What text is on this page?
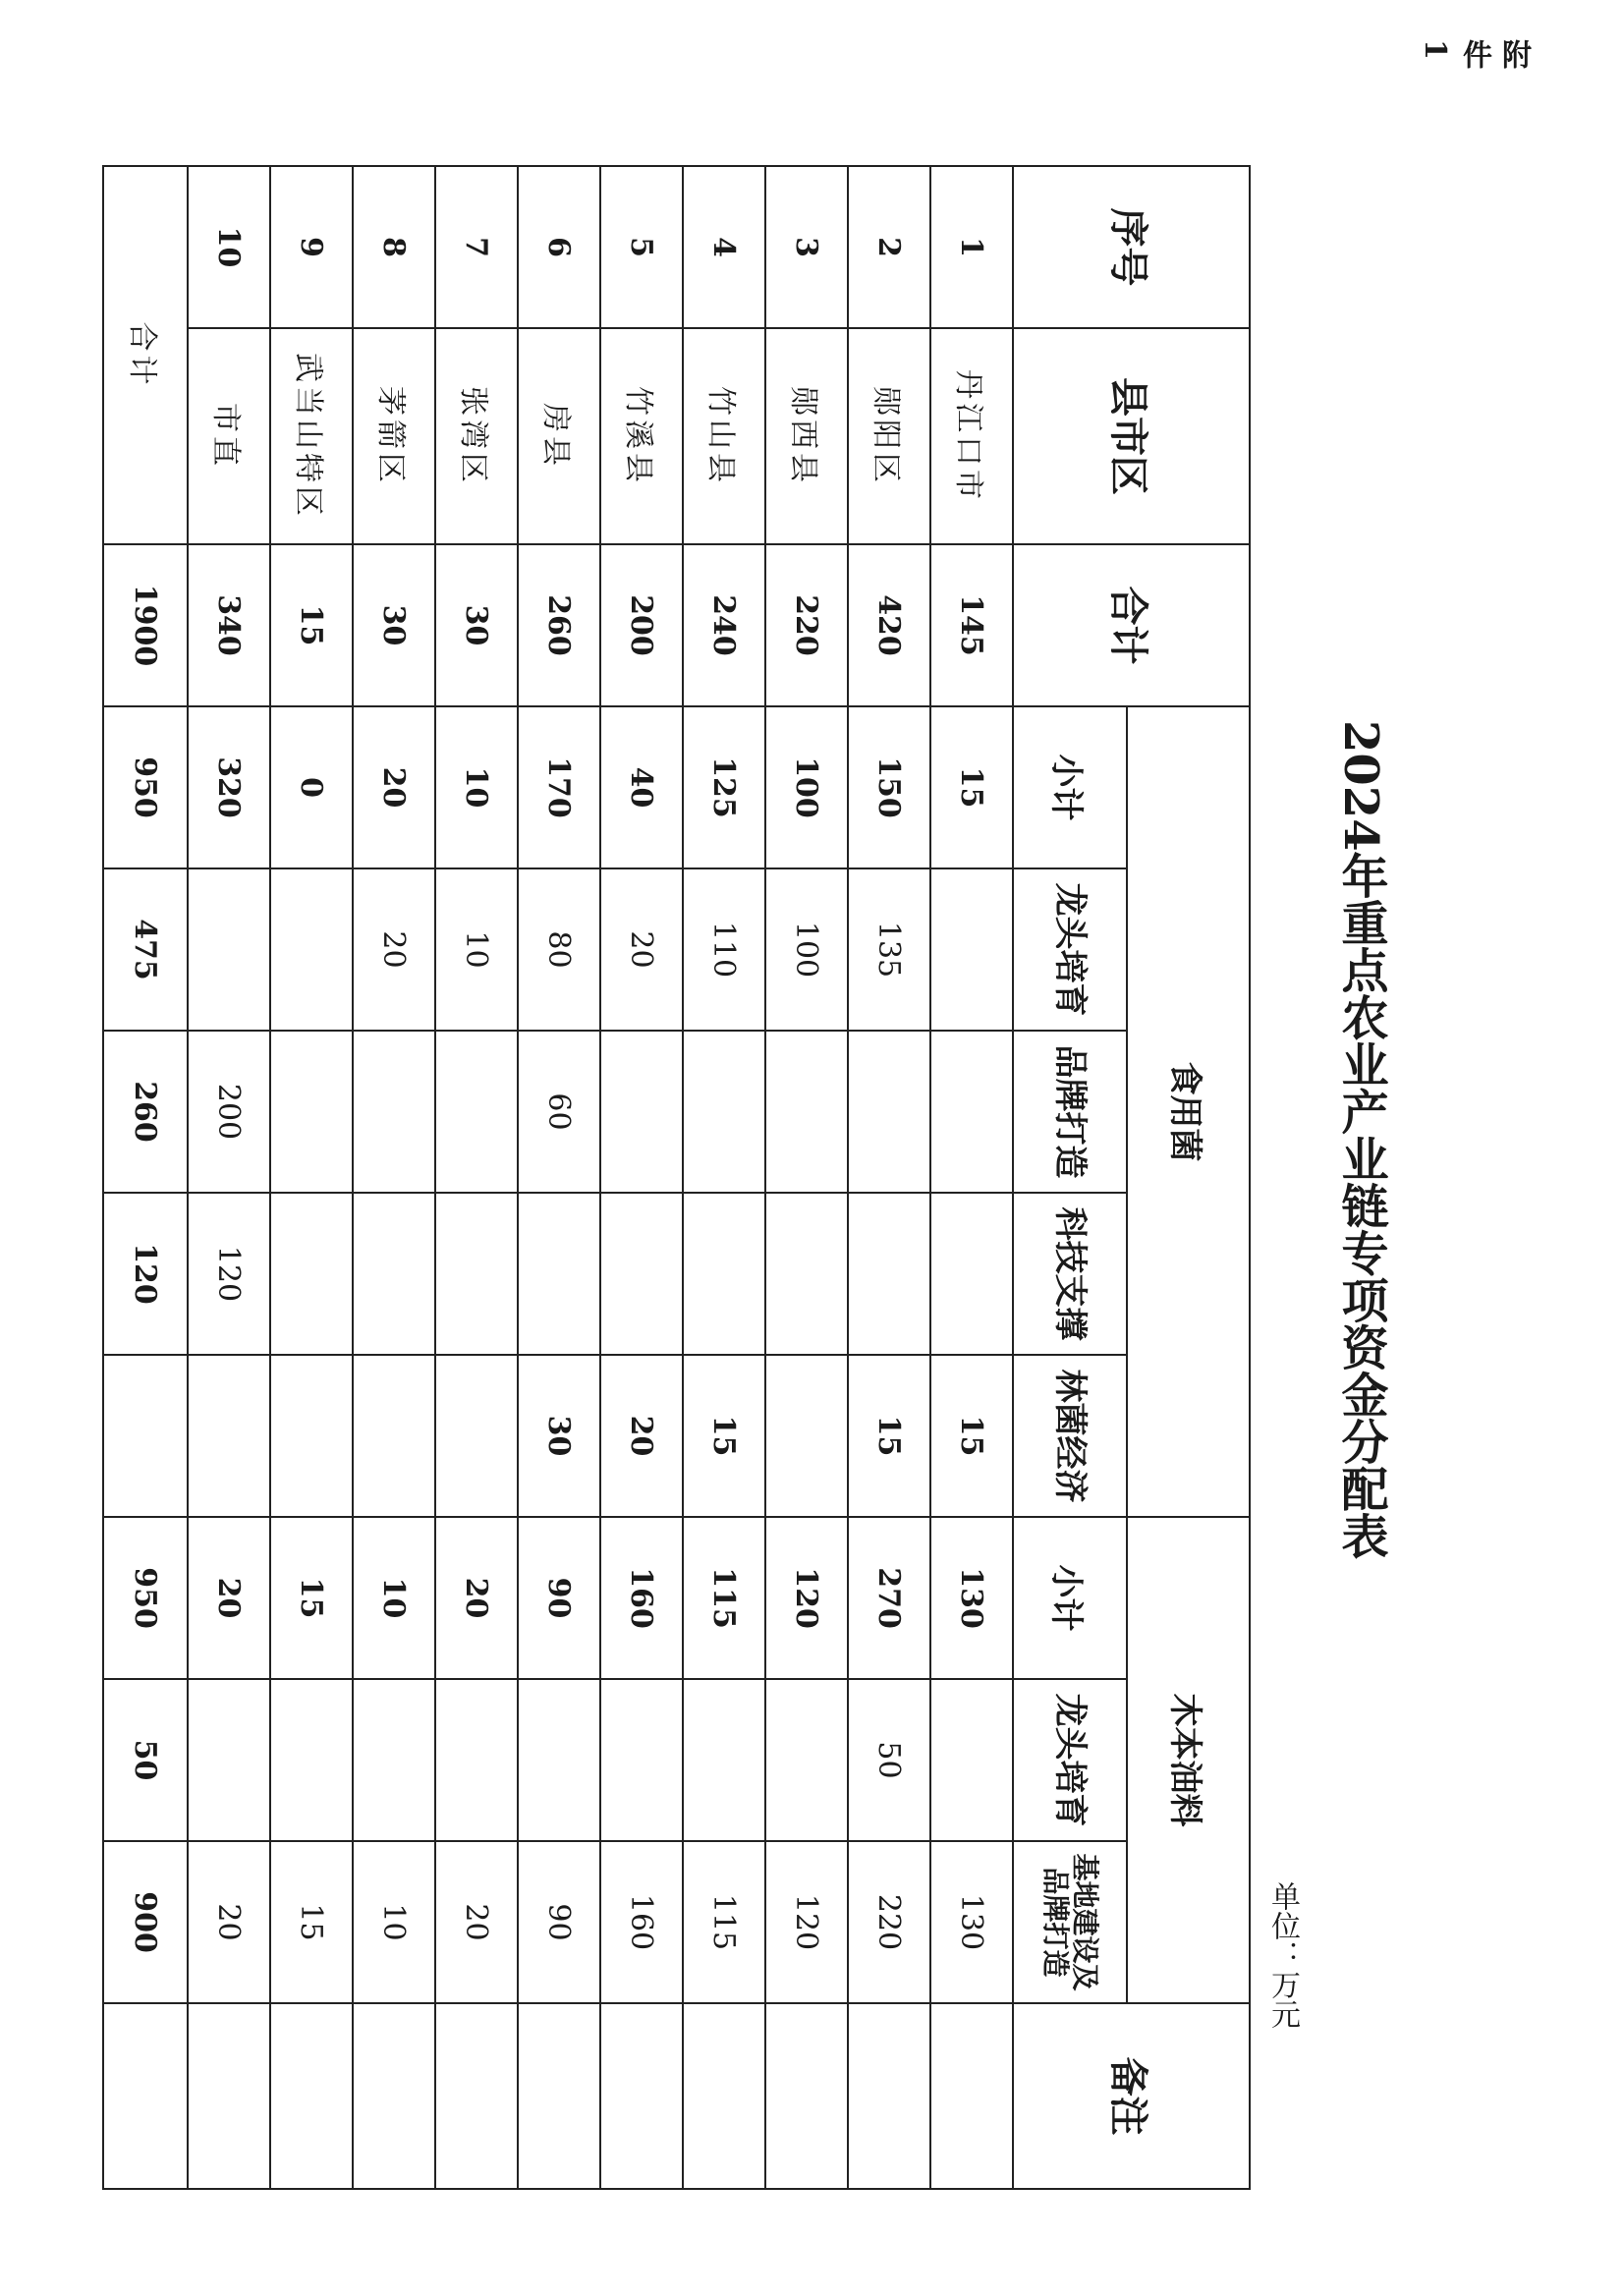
附件1
2024年重点农业产业链专项资金分配表
单位：万元
序号	县市区	合计	食用菌					木本油料			备注
			小计	龙头培育	品牌打造	科技支撑	林菌经济	小计	龙头培育	基地建设及品牌打造	
1	丹江口市	145	15				15	130		130	
2	郧阳区	420	150	135			15	270	50	220	
3	郧西县	220	100	100				120		120	
4	竹山县	240	125	110			15	115		115	
5	竹溪县	200	40	20			20	160		160	
6	房县	260	170	80	60		30	90		90	
7	张湾区	30	10	10				20		20	
8	茅箭区	30	20	20				10		10	
9	武当山特区	15	0					15		15	
10	市直	340	320		200	120		20		20	
合计		1900	950	475	260	120		950	50	900	
